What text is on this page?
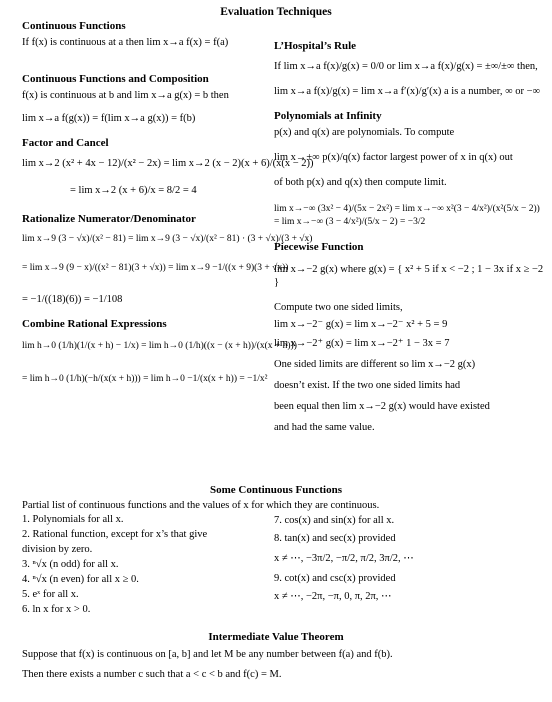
Evaluation Techniques
Continuous Functions
If f(x) is continuous at a then lim x→a f(x) = f(a)
Continuous Functions and Composition
f(x) is continuous at b and lim x→a g(x) = b then
lim x→a f(g(x)) = f(lim x→a g(x)) = f(b)
Factor and Cancel
lim x→2 (x² + 4x − 12)/(x² − 2x) = lim x→2 (x − 2)(x + 6)/(x(x − 2))
= lim x→2 (x + 6)/x = 8/2 = 4
Rationalize Numerator/Denominator
lim x→9 (3 − √x)/(x² − 81) = lim x→9 (3 − √x)/(x² − 81) · (3 + √x)/(3 + √x)
= lim x→9 (9 − x)/((x² − 81)(3 + √x)) = lim x→9 −1/((x + 9)(3 + √x))
= −1/((18)(6)) = −1/108
Combine Rational Expressions
lim h→0 (1/h)(1/(x + h) − 1/x) = lim h→0 (1/h)((x − (x + h))/(x(x + h)))
= lim h→0 (1/h)(−h/(x(x + h))) = lim h→0 −1/(x(x + h)) = −1/x²
L’Hospital’s Rule
If lim x→a f(x)/g(x) = 0/0 or lim x→a f(x)/g(x) = ±∞/±∞ then,
lim x→a f(x)/g(x) = lim x→a f′(x)/g′(x) a is a number, ∞ or −∞
Polynomials at Infinity
p(x) and q(x) are polynomials. To compute
lim x→±∞ p(x)/q(x) factor largest power of x in q(x) out
of both p(x) and q(x) then compute limit.
lim x→−∞ (3x² − 4)/(5x − 2x²) = lim x→−∞ x²(3 − 4/x²)/(x²(5/x − 2)) = lim x→−∞ (3 − 4/x²)/(5/x − 2) = −3/2
Piecewise Function
lim x→−2 g(x) where g(x) = { x² + 5 if x < −2 ; 1 − 3x if x ≥ −2 }
Compute two one sided limits,
lim x→−2⁻ g(x) = lim x→−2⁻ x² + 5 = 9
lim x→−2⁺ g(x) = lim x→−2⁺ 1 − 3x = 7
One sided limits are different so lim x→−2 g(x)
doesn’t exist. If the two one sided limits had
been equal then lim x→−2 g(x) would have existed
and had the same value.
Some Continuous Functions
Partial list of continuous functions and the values of x for which they are continuous.
1. Polynomials for all x.
2. Rational function, except for x’s that give
division by zero.
3. ⁿ√x (n odd) for all x.
4. ⁿ√x (n even) for all x ≥ 0.
5. eˣ for all x.
6. ln x for x > 0.
7. cos(x) and sin(x) for all x.
8. tan(x) and sec(x) provided
x ≠ ⋯, −3π/2, −π/2, π/2, 3π/2, ⋯
9. cot(x) and csc(x) provided
x ≠ ⋯, −2π, −π, 0, π, 2π, ⋯
Intermediate Value Theorem
Suppose that f(x) is continuous on [a, b] and let M be any number between f(a) and f(b).
Then there exists a number c such that a < c < b and f(c) = M.
